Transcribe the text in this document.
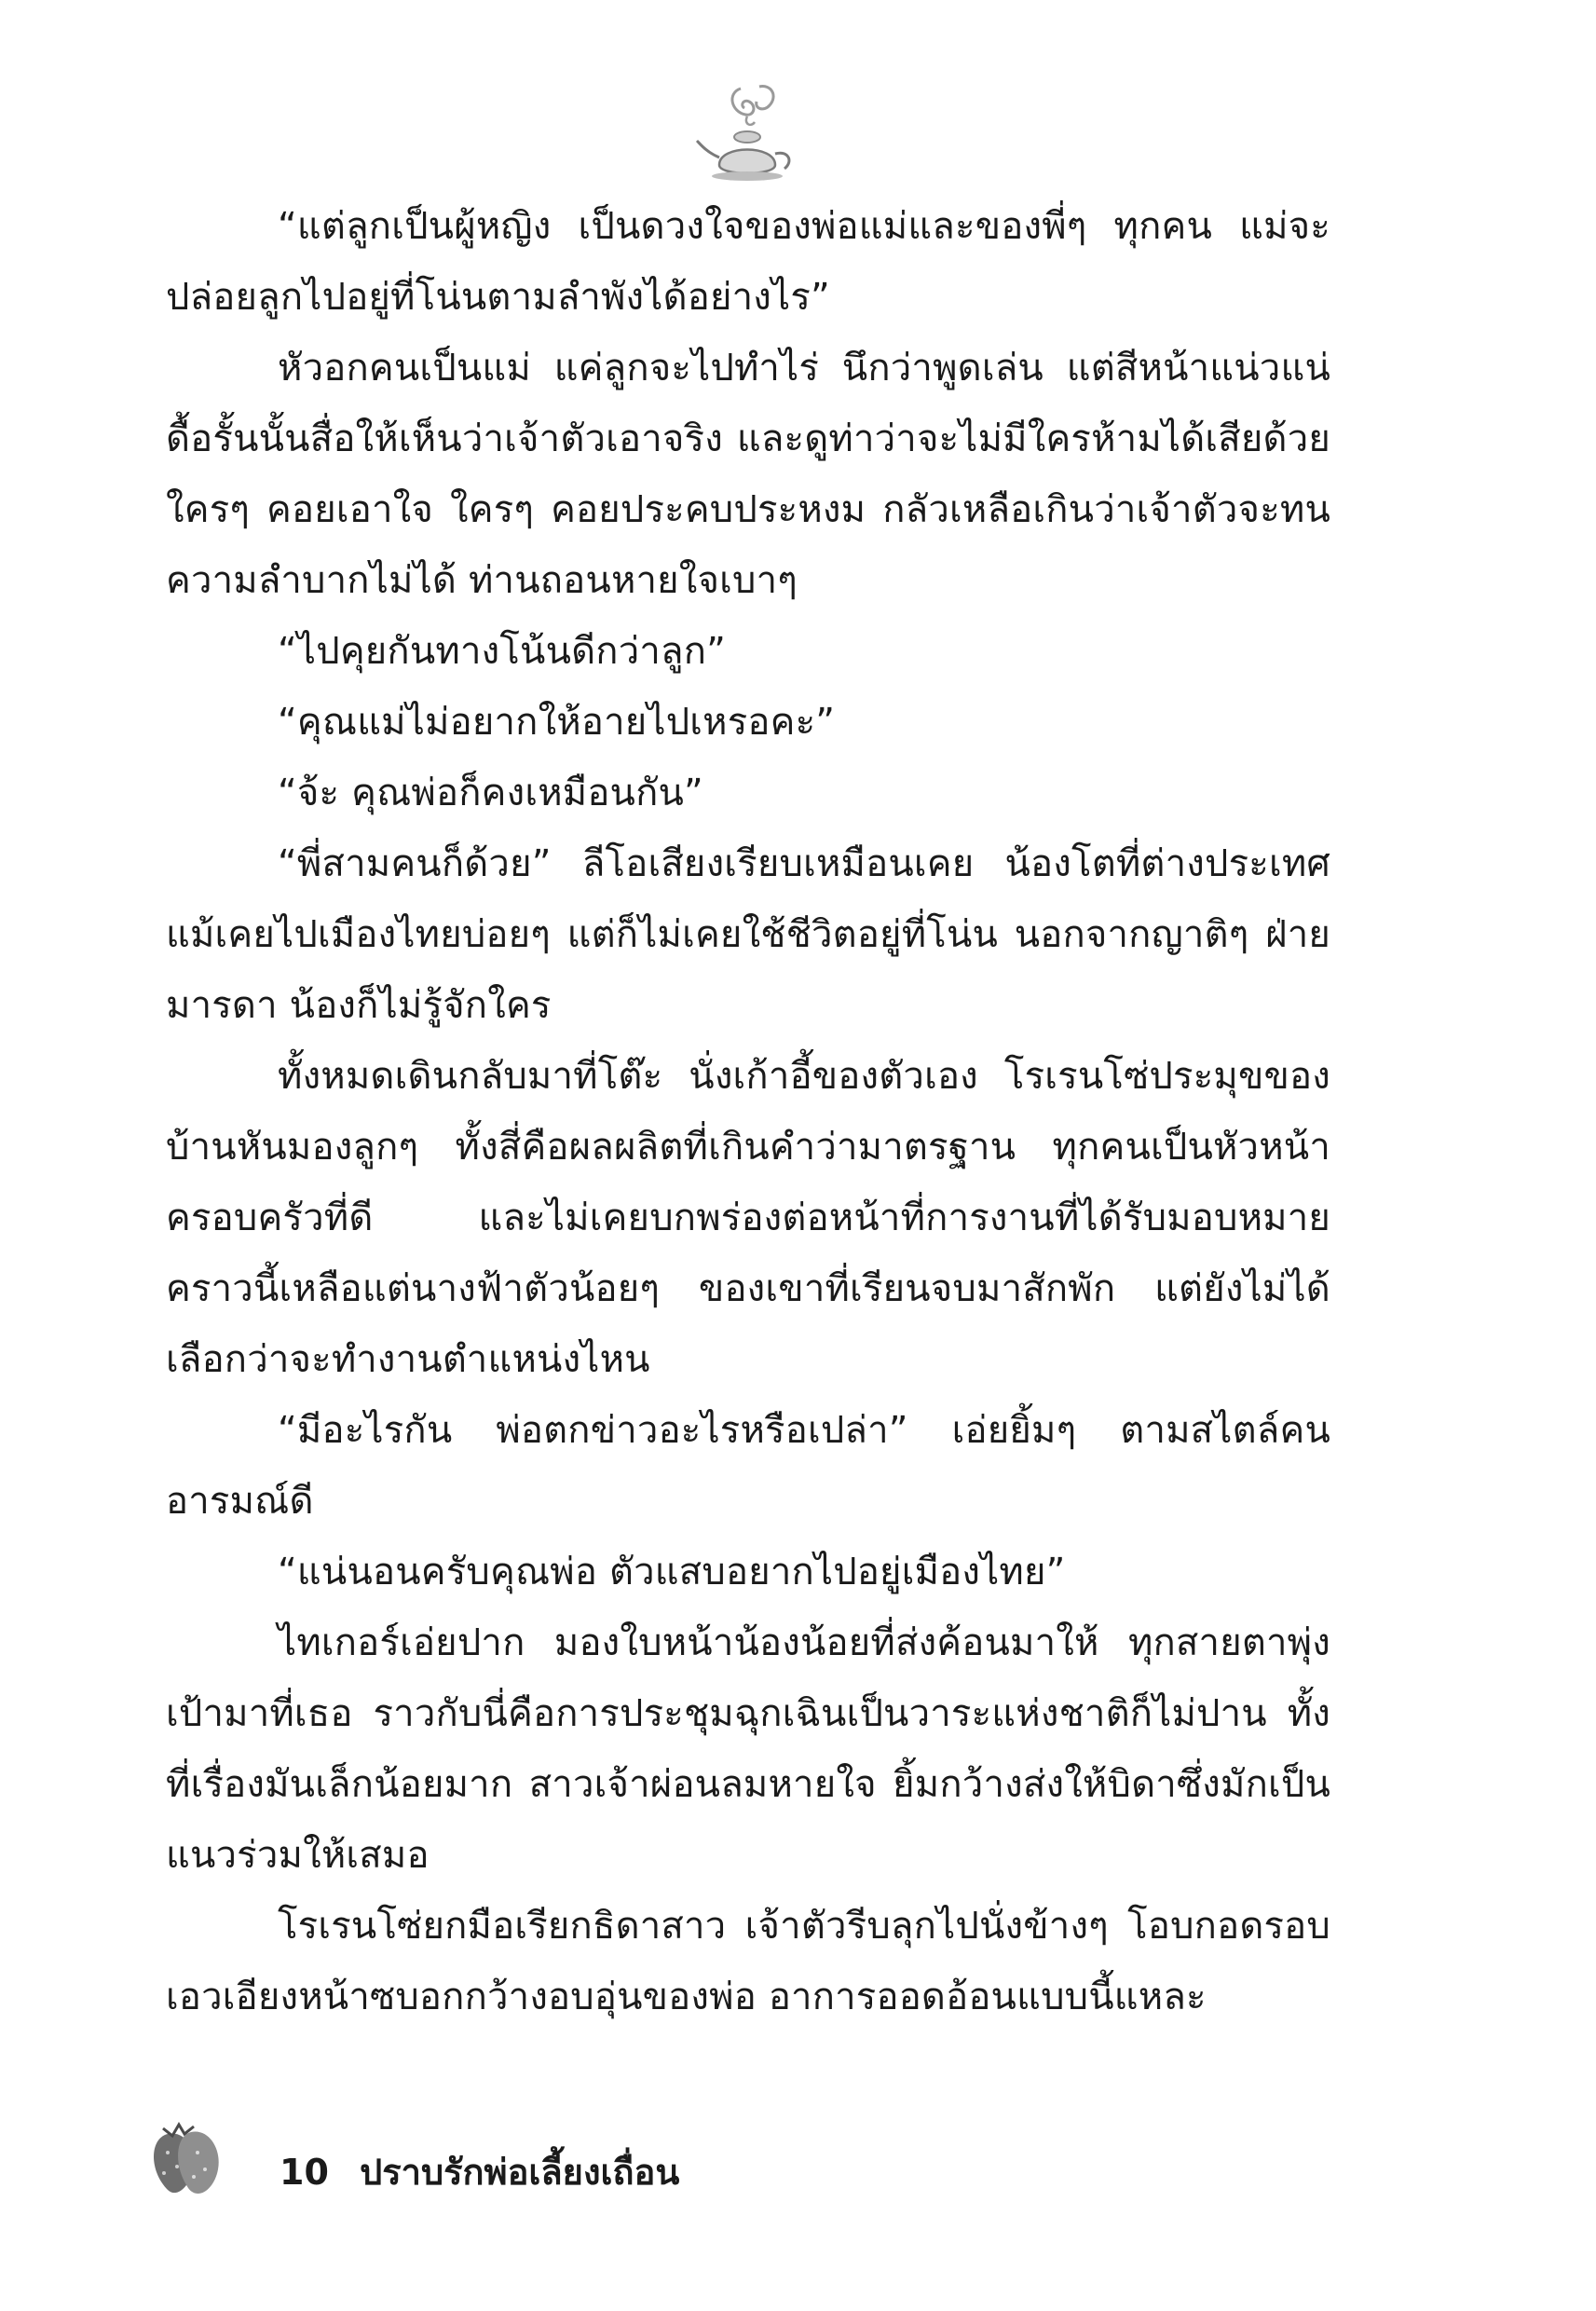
“แต่ลูกเป็นผู้หญิง เป็นดวงใจของพ่อแม่และของพี่ๆ ทุกคน แม่จะปล่อยลูกไปอยู่ที่โน่นตามลำพังได้อย่างไร”

หัวอกคนเป็นแม่ แค่ลูกจะไปทำไร่ นึกว่าพูดเล่น แต่สีหน้าแน่วแน่ดื้อรั้นนั้นสื่อให้เห็นว่าเจ้าตัวเอาจริง และดูท่าว่าจะไม่มีใครห้ามได้เสียด้วย ใครๆ คอยเอาใจ ใครๆ คอยประคบประหงม กลัวเหลือเกินว่าเจ้าตัวจะทนความลำบากไม่ได้ ท่านถอนหายใจเบาๆ

“ไปคุยกันทางโน้นดีกว่าลูก”

“คุณแม่ไม่อยากให้อายไปเหรอคะ”

“จ้ะ คุณพ่อก็คงเหมือนกัน”

“พี่สามคนก็ด้วย” ลีโอเสียงเรียบเหมือนเคย น้องโตที่ต่างประเทศ แม้เคยไปเมืองไทยบ่อยๆ แต่ก็ไม่เคยใช้ชีวิตอยู่ที่โน่น นอกจากญาติๆ ฝ่ายมารดา น้องก็ไม่รู้จักใคร

ทั้งหมดเดินกลับมาที่โต๊ะ นั่งเก้าอี้ของตัวเอง โรเรนโซ่ประมุขของบ้านหันมองลูกๆ ทั้งสี่คือผลผลิตที่เกินคำว่ามาตรฐาน ทุกคนเป็นหัวหน้าครอบครัวที่ดี และไม่เคยบกพร่องต่อหน้าที่การงานที่ได้รับมอบหมาย คราวนี้เหลือแต่นางฟ้าตัวน้อยๆ ของเขาที่เรียนจบมาสักพัก แต่ยังไม่ได้เลือกว่าจะทำงานตำแหน่งไหน

“มีอะไรกัน พ่อตกข่าวอะไรหรือเปล่า” เอ่ยยิ้มๆ ตามสไตล์คนอารมณ์ดี

“แน่นอนครับคุณพ่อ ตัวแสบอยากไปอยู่เมืองไทย”

ไทเกอร์เอ่ยปาก มองใบหน้าน้องน้อยที่ส่งค้อนมาให้ ทุกสายตาพุ่งเป้ามาที่เธอ ราวกับนี่คือการประชุมฉุกเฉินเป็นวาระแห่งชาติก็ไม่ปาน ทั้งที่เรื่องมันเล็กน้อยมาก สาวเจ้าผ่อนลมหายใจ ยิ้มกว้างส่งให้บิดาซึ่งมักเป็นแนวร่วมให้เสมอ

โรเรนโซ่ยกมือเรียกธิดาสาว เจ้าตัวรีบลุกไปนั่งข้างๆ โอบกอดรอบเอวเอียงหน้าซบอกกว้างอบอุ่นของพ่อ อาการออดอ้อนแบบนี้แหละ

10 ปราบรักพ่อเลี้ยงเถื่อน
